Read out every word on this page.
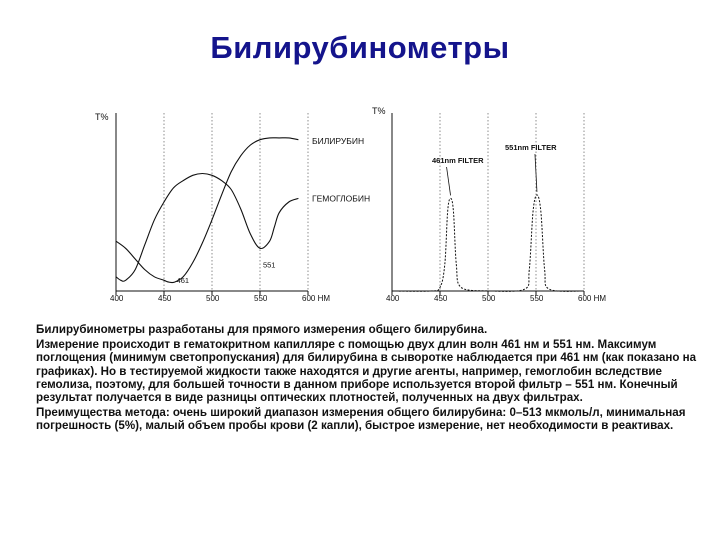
Билирубинометры
T%
400	450	500	550	600 НМ
БИЛИРУБИН
ГЕМОГЛОБИН
461
551
T%
400	450	500	550	600 НМ
461nm FILTER
551nm FILTER

Билирубинометры разработаны для прямого измерения общего билирубина.

Измерение происходит в гематокритном капилляре с помощью двух длин волн 461 нм и 551 нм. Максимум поглощения (минимум светопропускания) для билирубина в сыворотке наблюдается при 461 нм (как показано на графиках). Но в тестируемой жидкости также находятся и другие агенты, например, гемоглобин вследствие гемолиза, поэтому, для большей точности в данном приборе используется второй фильтр – 551 нм. Конечный результат получается в виде разницы оптических плотностей, полученных на двух фильтрах.

Преимущества метода: очень широкий диапазон измерения общего билирубина: 0–513 мкмоль/л, минимальная погрешность (5%), малый объем пробы крови (2 капли), быстрое измерение, нет необходимости в реактивах.
